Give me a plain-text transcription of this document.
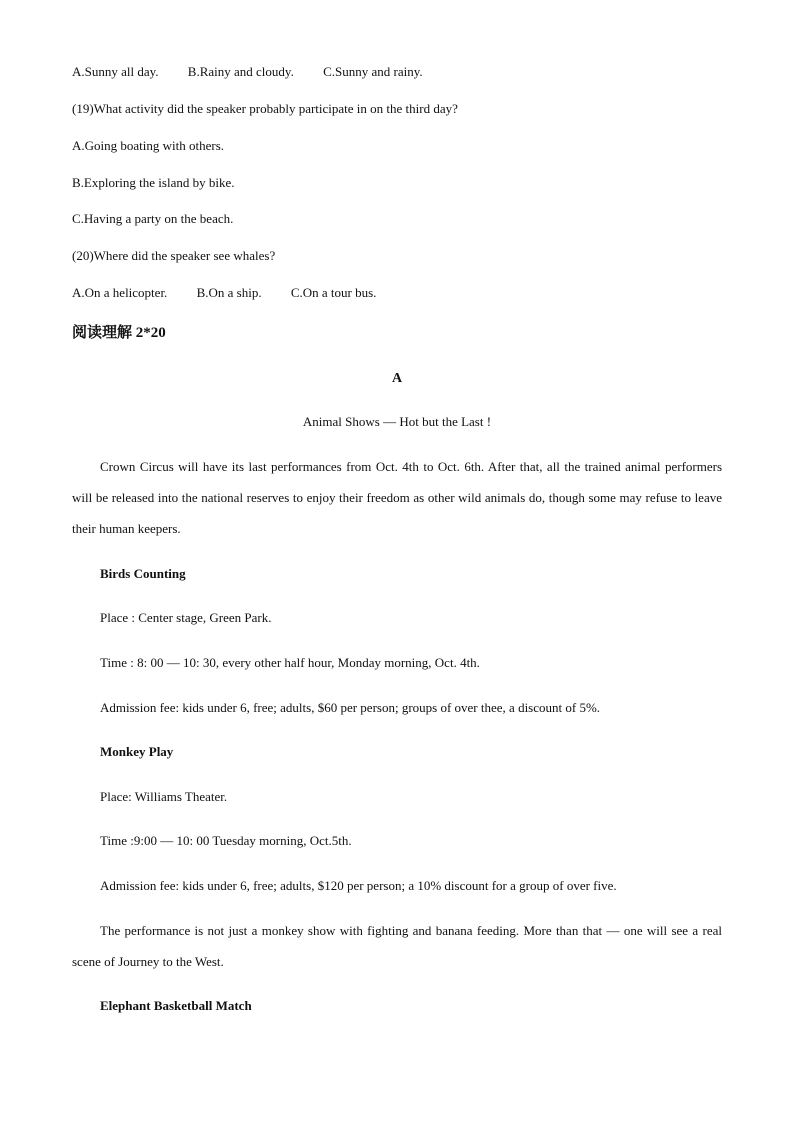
A.Sunny all day. B.Rainy and cloudy. C.Sunny and rainy.
(19)What activity did the speaker probably participate in on the third day?
A.Going boating with others.
B.Exploring the island by bike.
C.Having a party on the beach.
(20)Where did the speaker see whales?
A.On a helicopter. B.On a ship. C.On a tour bus.
阅读理解 2*20
A
Animal Shows — Hot but the Last !
Crown Circus will have its last performances from Oct. 4th to Oct. 6th. After that, all the trained animal performers will be released into the national reserves to enjoy their freedom as other wild animals do, though some may refuse to leave their human keepers.
Birds Counting
Place : Center stage, Green Park.
Time : 8: 00 — 10: 30, every other half hour, Monday morning, Oct. 4th.
Admission fee: kids under 6, free; adults, $60 per person; groups of over thee, a discount of 5%.
Monkey Play
Place: Williams Theater.
Time :9:00 — 10: 00 Tuesday morning, Oct.5th.
Admission fee: kids under 6, free; adults, $120 per person; a 10% discount for a group of over five.
The performance is not just a monkey show with fighting and banana feeding. More than that — one will see a real scene of Journey to the West.
Elephant Basketball Match
